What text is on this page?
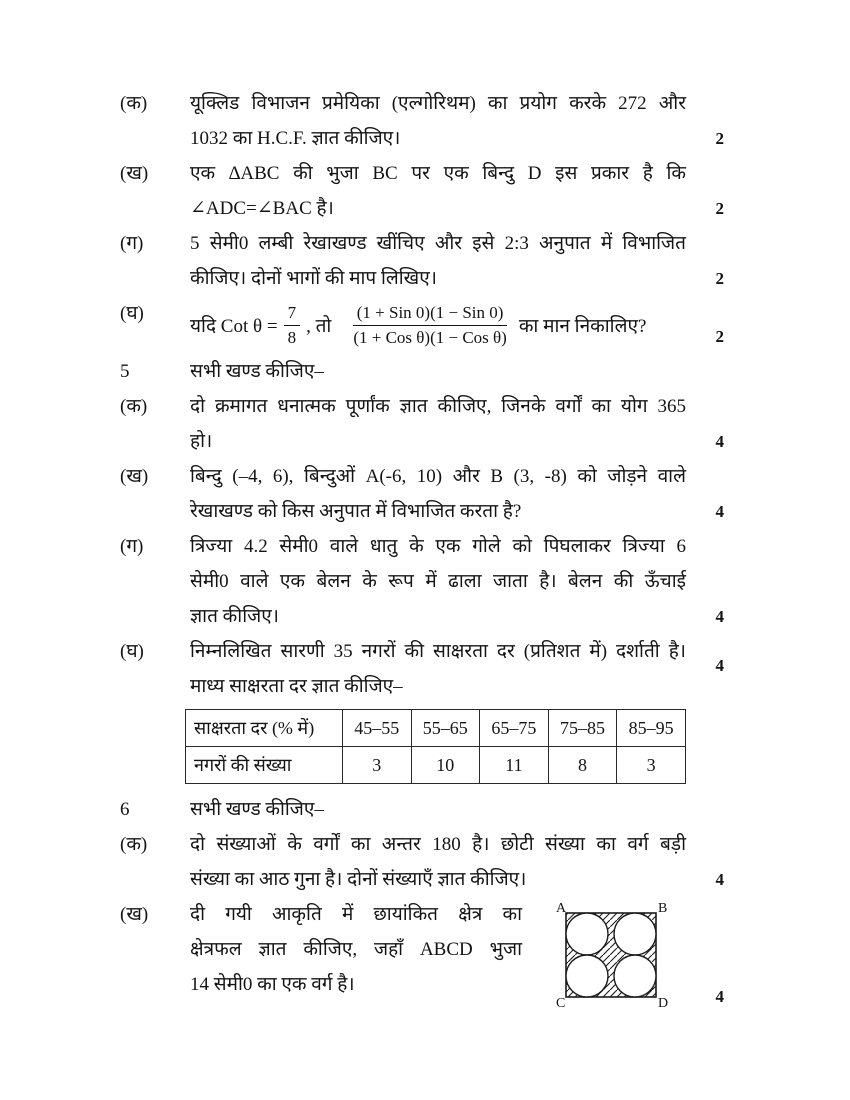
(क)	यूक्लिड विभाजन प्रमेयिका (एल्गोरिथम) का प्रयोग करके 272 और
1032 का H.C.F. ज्ञात कीजिए।	2
(ख)	एक ∆ABC की भुजा BC पर एक बिन्दु D इस प्रकार है कि
∠ADC=∠BAC है।	2
(ग)	5 सेमी0 लम्बी रेखाखण्ड खींचिए और इसे 2:3 अनुपात में विभाजित
कीजिए। दोनों भागों की माप लिखिए।	2
(घ)
यदि Cot $\theta = \frac{7}{8}$ , तो $\frac{\text{(1 + Sin 0)(1 − Sin 0)}}{\text{(1 + Cos θ)(1 − Cos θ)}}$ का मान निकालिए?	2
5	सभी खण्ड कीजिए–
(क)	दो क्रमागत धनात्मक पूर्णांक ज्ञात कीजिए, जिनके वर्गों का योग 365
हो।	4
(ख)	बिन्दु (–4, 6), बिन्दुओं A(-6, 10) और B (3, -8) को जोड़ने वाले
रेखाखण्ड को किस अनुपात में विभाजित करता है?	4
(ग)	त्रिज्या 4.2 सेमी0 वाले धातु के एक गोले को पिघलाकर त्रिज्या 6
सेमी0 वाले एक बेलन के रूप में ढाला जाता है। बेलन की ऊँचाई
ज्ञात कीजिए।	4
(घ)	निम्नलिखित सारणी 35 नगरों की साक्षरता दर (प्रतिशत में) दर्शाती है।
माध्य साक्षरता दर ज्ञात कीजिए–
साक्षरता दर (% में)	45–55	55–65	65–75	75–85	85–95
नगरों की संख्या	3	10	11	8	3
4
6	सभी खण्ड कीजिए–
(क)	दो संख्याओं के वर्गों का अन्तर 180 है। छोटी संख्या का वर्ग बड़ी
संख्या का आठ गुना है। दोनों संख्याएँ ज्ञात कीजिए।	4
(ख)	दी गयी आकृति में छायांकित क्षेत्र का
क्षेत्रफल ज्ञात कीजिए, जहाँ ABCD भुजा
14 सेमी0 का एक वर्ग है।
A	B
C	D	4
